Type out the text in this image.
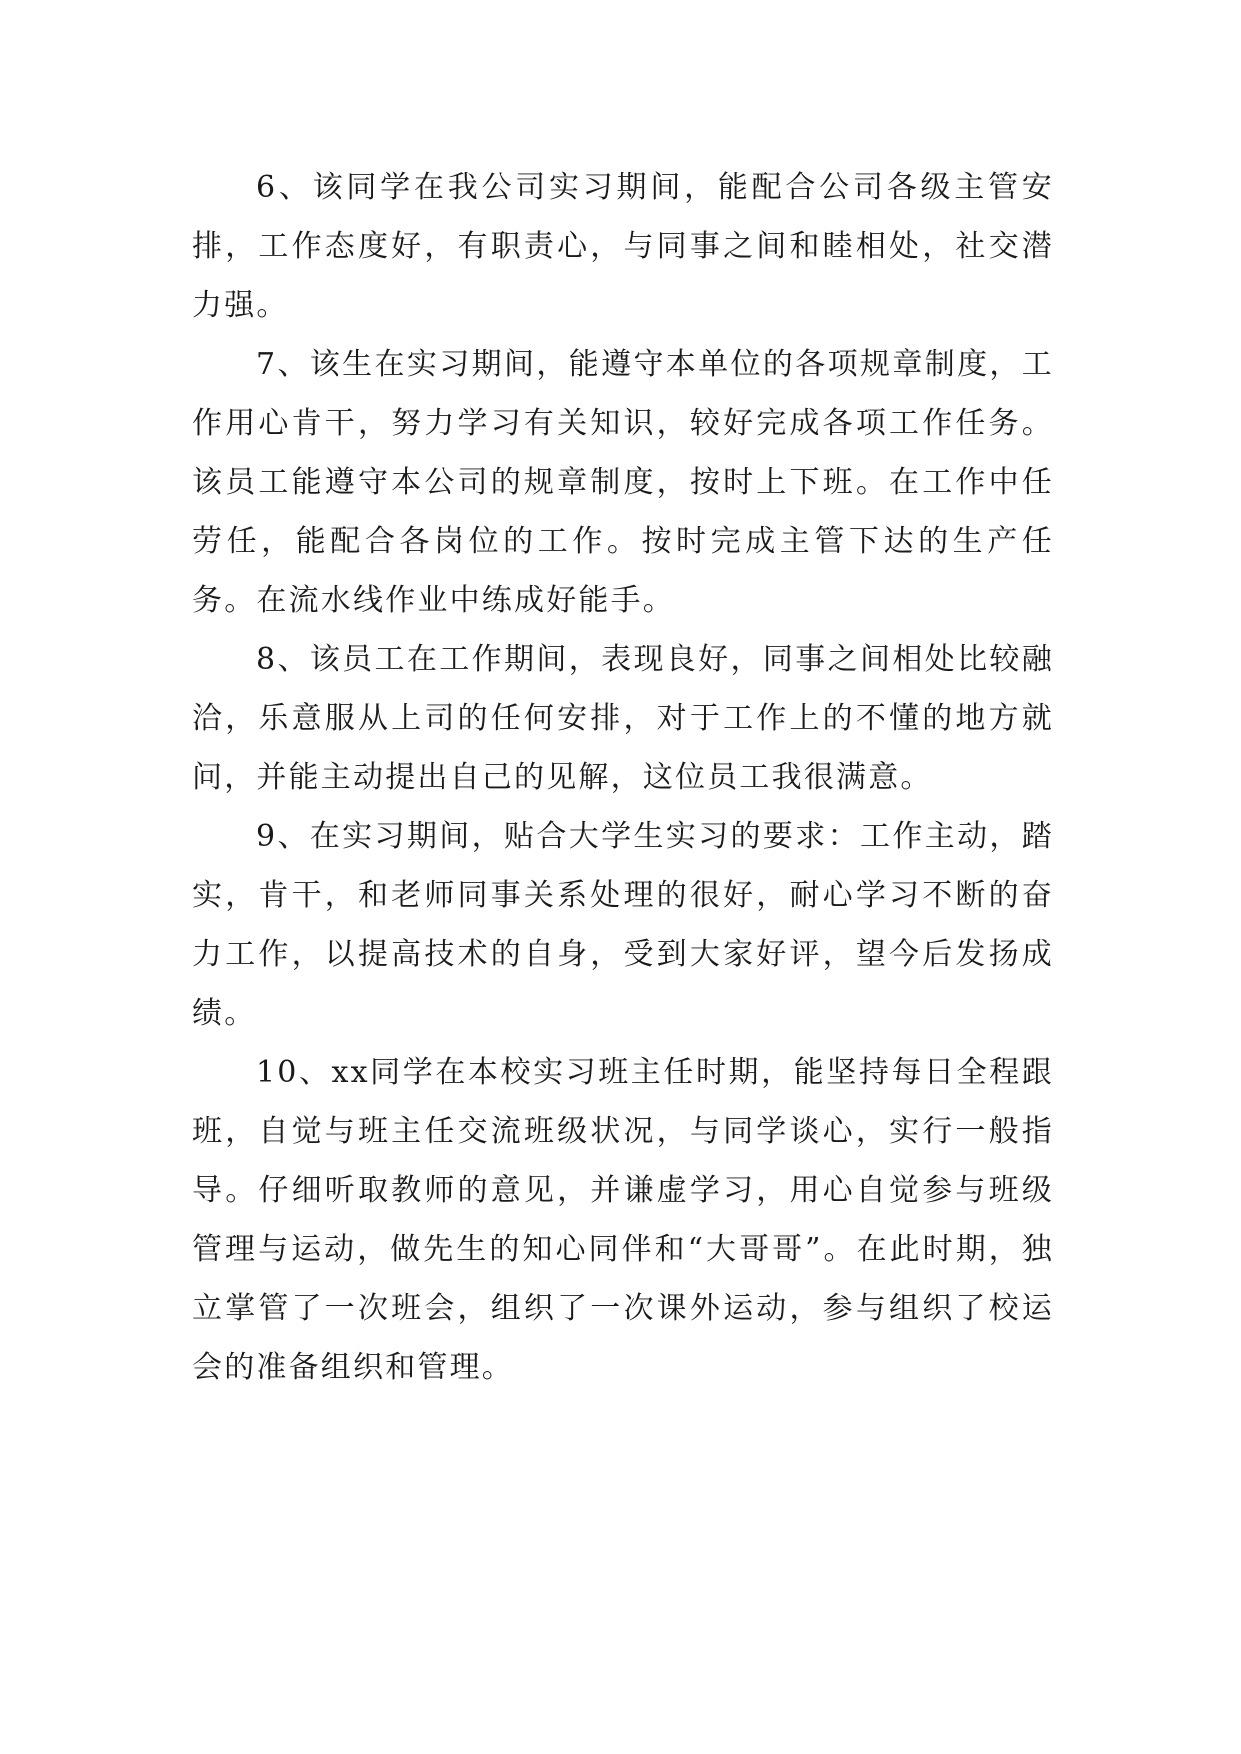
6、该同学在我公司实习期间，能配合公司各级主管安排，工作态度好，有职责心，与同事之间和睦相处，社交潜力强。

7、该生在实习期间，能遵守本单位的各项规章制度，工作用心肯干，努力学习有关知识，较好完成各项工作任务。该员工能遵守本公司的规章制度，按时上下班。在工作中任劳任，能配合各岗位的工作。按时完成主管下达的生产任务。在流水线作业中练成好能手。

8、该员工在工作期间，表现良好，同事之间相处比较融洽，乐意服从上司的任何安排，对于工作上的不懂的地方就问，并能主动提出自己的见解，这位员工我很满意。

9、在实习期间，贴合大学生实习的要求：工作主动，踏实，肯干，和老师同事关系处理的很好，耐心学习不断的奋力工作，以提高技术的自身，受到大家好评，望今后发扬成绩。

10、xx同学在本校实习班主任时期，能坚持每日全程跟班，自觉与班主任交流班级状况，与同学谈心，实行一般指导。仔细听取教师的意见，并谦虚学习，用心自觉参与班级管理与运动，做先生的知心同伴和“大哥哥”。在此时期，独立掌管了一次班会，组织了一次课外运动，参与组织了校运会的准备组织和管理。
